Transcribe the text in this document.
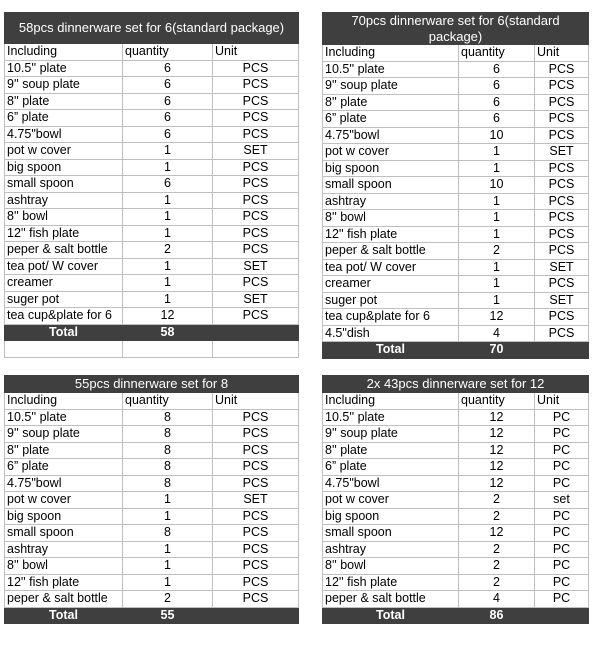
58pcs dinnerware set for 6(standard package)		
Including	quantity	Unit
10.5'' plate	6	PCS
9'' soup plate	6	PCS
8'' plate	6	PCS
6” plate	6	PCS
4.75"bowl	6	PCS
pot w cover	1	SET
big spoon	1	PCS
small spoon	6	PCS
ashtray	1	PCS
8'' bowl	1	PCS
12'' fish plate	1	PCS
peper & salt bottle	2	PCS
tea pot/ W cover	1	SET
creamer	1	PCS
suger pot	1	SET
tea cup&plate for 6	12	PCS
Total	58	

70pcs dinnerware set for 6(standard package)		
Including	quantity	Unit
10.5'' plate	6	PCS
9'' soup plate	6	PCS
8'' plate	6	PCS
6” plate	6	PCS
4.75"bowl	10	PCS
pot w cover	1	SET
big spoon	1	PCS
small spoon	10	PCS
ashtray	1	PCS
8'' bowl	1	PCS
12'' fish plate	1	PCS
peper & salt bottle	2	PCS
tea pot/ W cover	1	SET
creamer	1	PCS
suger pot	1	SET
tea cup&plate for 6	12	PCS
4.5"dish	4	PCS
Total	70	
55pcs dinnerware set for 8		
Including	quantity	Unit
10.5'' plate	8	PCS
9'' soup plate	8	PCS
8'' plate	8	PCS
6” plate	8	PCS
4.75"bowl	8	PCS
pot w cover	1	SET
big spoon	1	PCS
small spoon	8	PCS
ashtray	1	PCS
8'' bowl	1	PCS
12'' fish plate	1	PCS
peper & salt bottle	2	PCS
Total	55	
2x 43pcs dinnerware set for 12		
Including	quantity	Unit
10.5'' plate	12	PC
9'' soup plate	12	PC
8'' plate	12	PC
6” plate	12	PC
4.75"bowl	12	PC
pot w cover	2	set
big spoon	2	PC
small spoon	12	PC
ashtray	2	PC
8'' bowl	2	PC
12'' fish plate	2	PC
peper & salt bottle	4	PC
Total	86	
